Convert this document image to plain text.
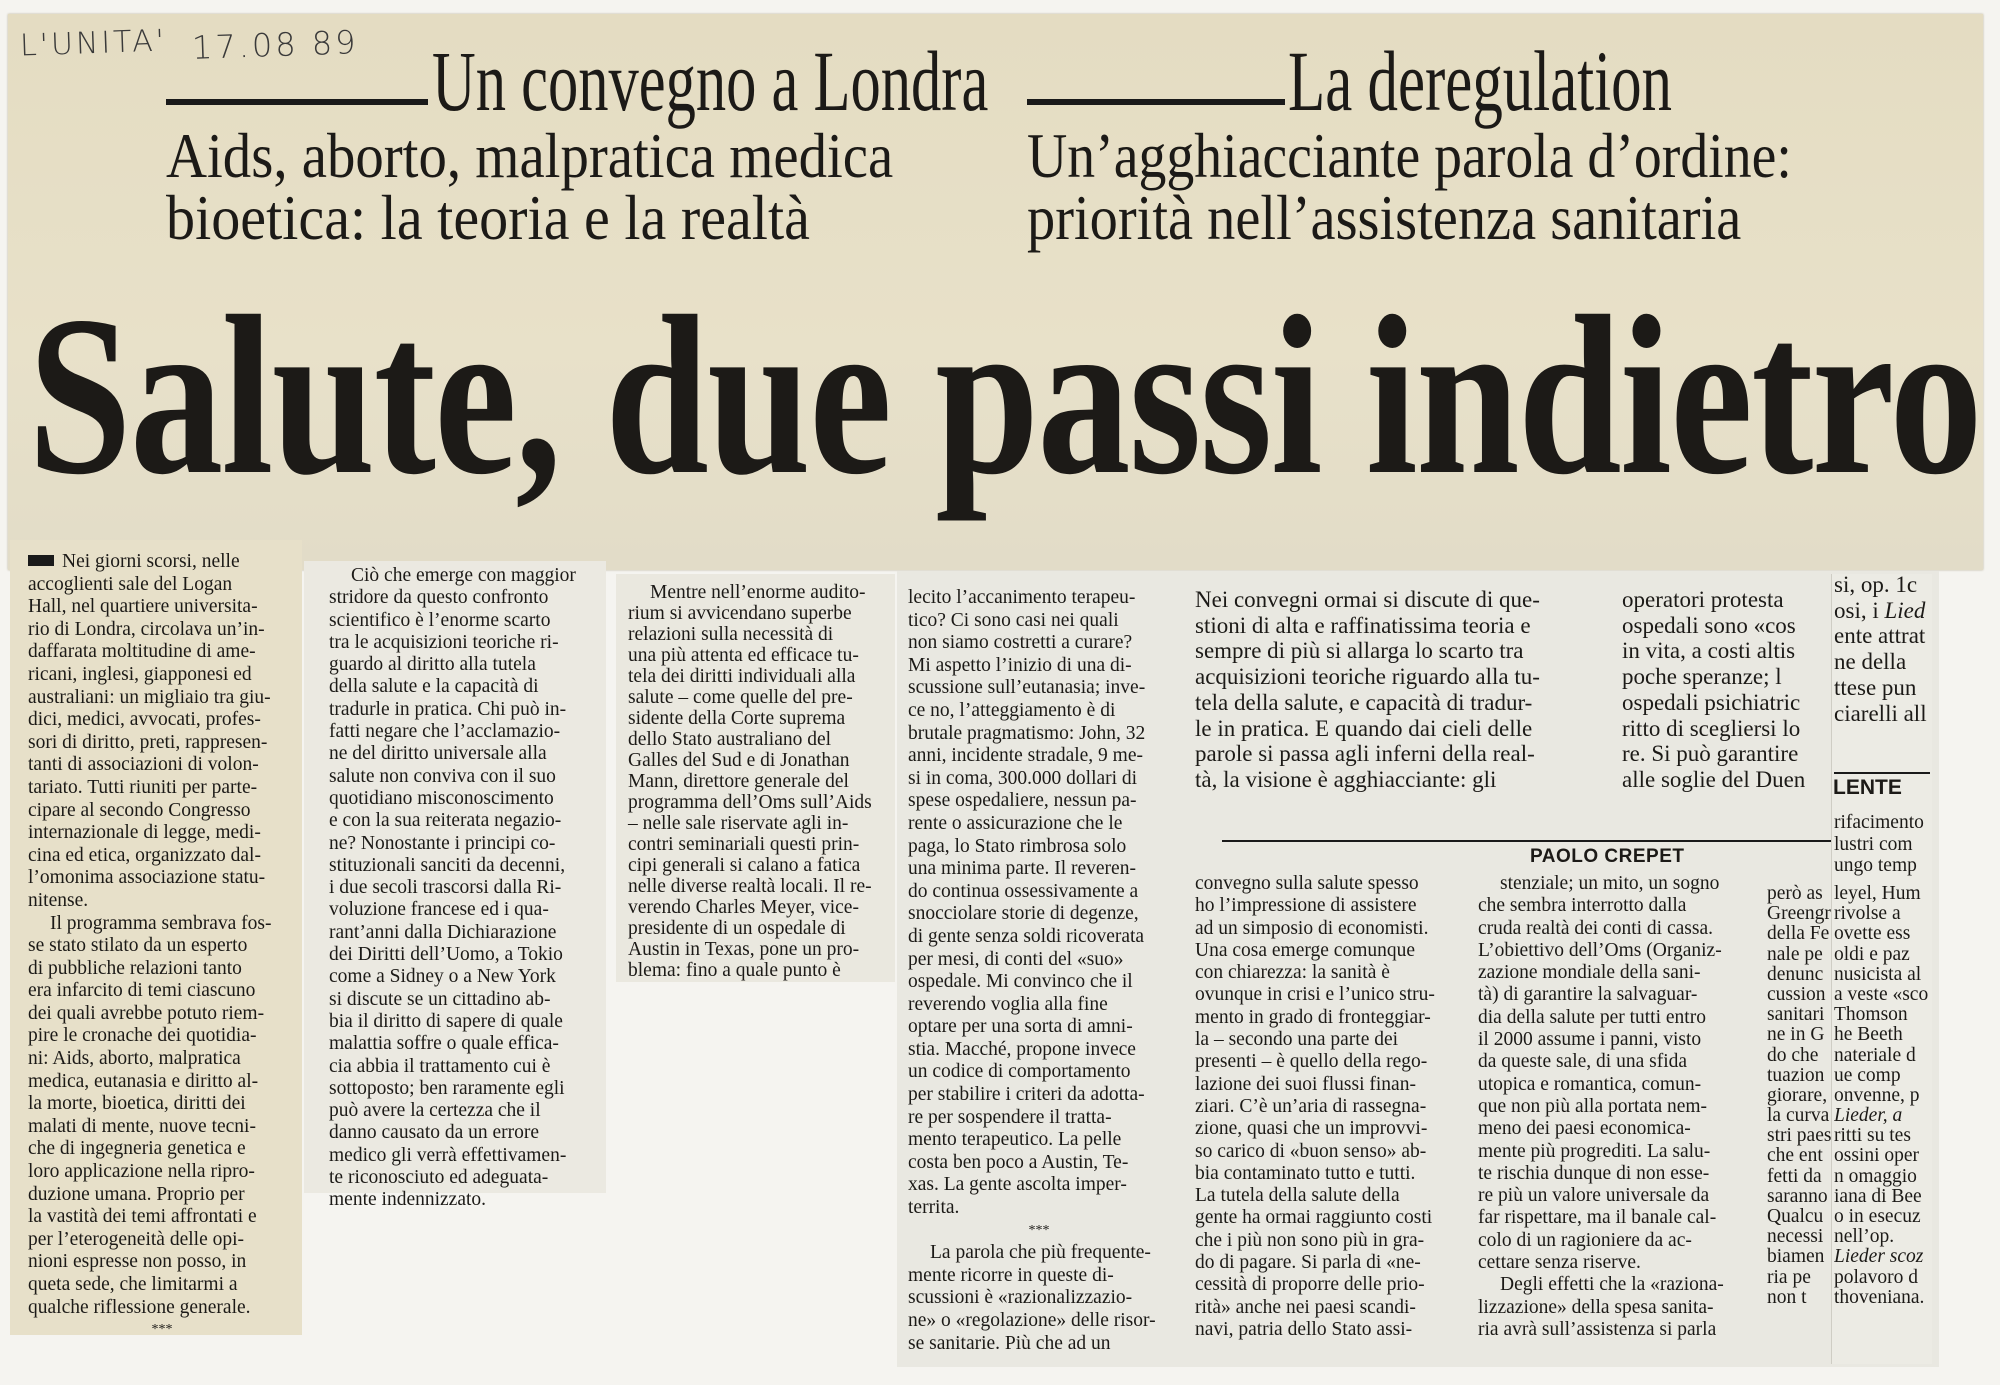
L'UNITA' 17.08 89 Un convegno a Londra
Aids, aborto, malpratica medica
bioetica: la teoria e la realtà
La deregulation
Un’agghiacciante parola d’ordine:
priorità nell’assistenza sanitaria
Salute, due passi indietro
Nei giorni scorsi, nelle
accoglienti sale del Logan
Hall, nel quartiere universita-
rio di Londra, circolava un’in-
daffarata moltitudine di ame-
ricani, inglesi, giapponesi ed
australiani: un migliaio tra giu-
dici, medici, avvocati, profes-
sori di diritto, preti, rappresen-
tanti di associazioni di volon-
tariato. Tutti riuniti per parte-
cipare al secondo Congresso
internazionale di legge, medi-
cina ed etica, organizzato dal-
l’omonima associazione statu-
nitense.
Il programma sembrava fos-
se stato stilato da un esperto
di pubbliche relazioni tanto
era infarcito di temi ciascuno
dei quali avrebbe potuto riem-
pire le cronache dei quotidia-
ni: Aids, aborto, malpratica
medica, eutanasia e diritto al-
la morte, bioetica, diritti dei
malati di mente, nuove tecni-
che di ingegneria genetica e
loro applicazione nella ripro-
duzione umana. Proprio per
la vastità dei temi affrontati e
per l’eterogeneità delle opi-
nioni espresse non posso, in
queta sede, che limitarmi a
qualche riflessione generale.
***
Ciò che emerge con maggior
stridore da questo confronto
scientifico è l’enorme scarto
tra le acquisizioni teoriche ri-
guardo al diritto alla tutela
della salute e la capacità di
tradurle in pratica. Chi può in-
fatti negare che l’acclamazio-
ne del diritto universale alla
salute non conviva con il suo
quotidiano misconoscimento
e con la sua reiterata negazio-
ne? Nonostante i principi co-
stituzionali sanciti da decenni,
i due secoli trascorsi dalla Ri-
voluzione francese ed i qua-
rant’anni dalla Dichiarazione
dei Diritti dell’Uomo, a Tokio
come a Sidney o a New York
si discute se un cittadino ab-
bia il diritto di sapere di quale
malattia soffre o quale effica-
cia abbia il trattamento cui è
sottoposto; ben raramente egli
può avere la certezza che il
danno causato da un errore
medico gli verrà effettivamen-
te riconosciuto ed adeguata-
mente indennizzato.
Mentre nell’enorme audito-
rium si avvicendano superbe
relazioni sulla necessità di
una più attenta ed efficace tu-
tela dei diritti individuali alla
salute – come quelle del pre-
sidente della Corte suprema
dello Stato australiano del
Galles del Sud e di Jonathan
Mann, direttore generale del
programma dell’Oms sull’Aids
– nelle sale riservate agli in-
contri seminariali questi prin-
cipi generali si calano a fatica
nelle diverse realtà locali. Il re-
verendo Charles Meyer, vice-
presidente di un ospedale di
Austin in Texas, pone un pro-
blema: fino a quale punto è
lecito l’accanimento terapeu-
tico? Ci sono casi nei quali
non siamo costretti a curare?
Mi aspetto l’inizio di una di-
scussione sull’eutanasia; inve-
ce no, l’atteggiamento è di
brutale pragmatismo: John, 32
anni, incidente stradale, 9 me-
si in coma, 300.000 dollari di
spese ospedaliere, nessun pa-
rente o assicurazione che le
paga, lo Stato rimbrosa solo
una minima parte. Il reveren-
do continua ossessivamente a
snocciolare storie di degenze,
di gente senza soldi ricoverata
per mesi, di conti del «suo»
ospedale. Mi convinco che il
reverendo voglia alla fine
optare per una sorta di amni-
stia. Macché, propone invece
un codice di comportamento
per stabilire i criteri da adotta-
re per sospendere il tratta-
mento terapeutico. La pelle
costa ben poco a Austin, Te-
xas. La gente ascolta imper-
territa.
***
La parola che più frequente-
mente ricorre in queste di-
scussioni è «razionalizzazio-
ne» o «regolazione» delle risor-
se sanitarie. Più che ad un
Nei convegni ormai si discute di que-
stioni di alta e raffinatissima teoria e
sempre di più si allarga lo scarto tra
acquisizioni teoriche riguardo alla tu-
tela della salute, e capacità di tradur-
le in pratica. E quando dai cieli delle
parole si passa agli inferni della real-
tà, la visione è agghiacciante: gli
convegno sulla salute spesso
ho l’impressione di assistere
ad un simposio di economisti.
Una cosa emerge comunque
con chiarezza: la sanità è
ovunque in crisi e l’unico stru-
mento in grado di fronteggiar-
la – secondo una parte dei
presenti – è quello della rego-
lazione dei suoi flussi finan-
ziari. C’è un’aria di rassegna-
zione, quasi che un improvvi-
so carico di «buon senso» ab-
bia contaminato tutto e tutti.
La tutela della salute della
gente ha ormai raggiunto costi
che i più non sono più in gra-
do di pagare. Si parla di «ne-
cessità di proporre delle prio-
rità» anche nei paesi scandi-
navi, patria dello Stato assi-
stenziale; un mito, un sogno
che sembra interrotto dalla
cruda realtà dei conti di cassa.
L’obiettivo dell’Oms (Organiz-
zazione mondiale della sani-
tà) di garantire la salvaguar-
dia della salute per tutti entro
il 2000 assume i panni, visto
da queste sale, di una sfida
utopica e romantica, comun-
que non più alla portata nem-
meno dei paesi economica-
mente più progrediti. La salu-
te rischia dunque di non esse-
re più un valore universale da
far rispettare, ma il banale cal-
colo di un ragioniere da ac-
cettare senza riserve.
Degli effetti che la «raziona-
lizzazione» della spesa sanita-
ria avrà sull’assistenza si parla
operatori protesta
ospedali sono «cos
in vita, a costi altis
poche speranze; l
ospedali psichiatric
ritto di scegliersi lo
re. Si può garantire
alle soglie del Duen
PAOLO CREPET
si, op. 1c
osi, i Lied
ente attrat
ne della
ttese pun
ciarelli all
LENTE
rifacimento
lustri com
ungo temp
però as leyel, Hum
Greengr rivolse a
della Fe ovette ess
nale pe oldi e paz
denunc nusicista al
cussion a veste «sco
sanitari Thomson
ne in G he Beeth
do che nateriale d
tuazion ue comp
giorare, onvenne, p
la curva Lieder, a
stri paes ritti su tes
che ent ossini oper
fetti da n omaggio
saranno iana di Bee
Qualcu o in esecuz
necessi nell’op.
biamen Lieder scoz
ria pe	polavoro d
non t	thoveniana.
